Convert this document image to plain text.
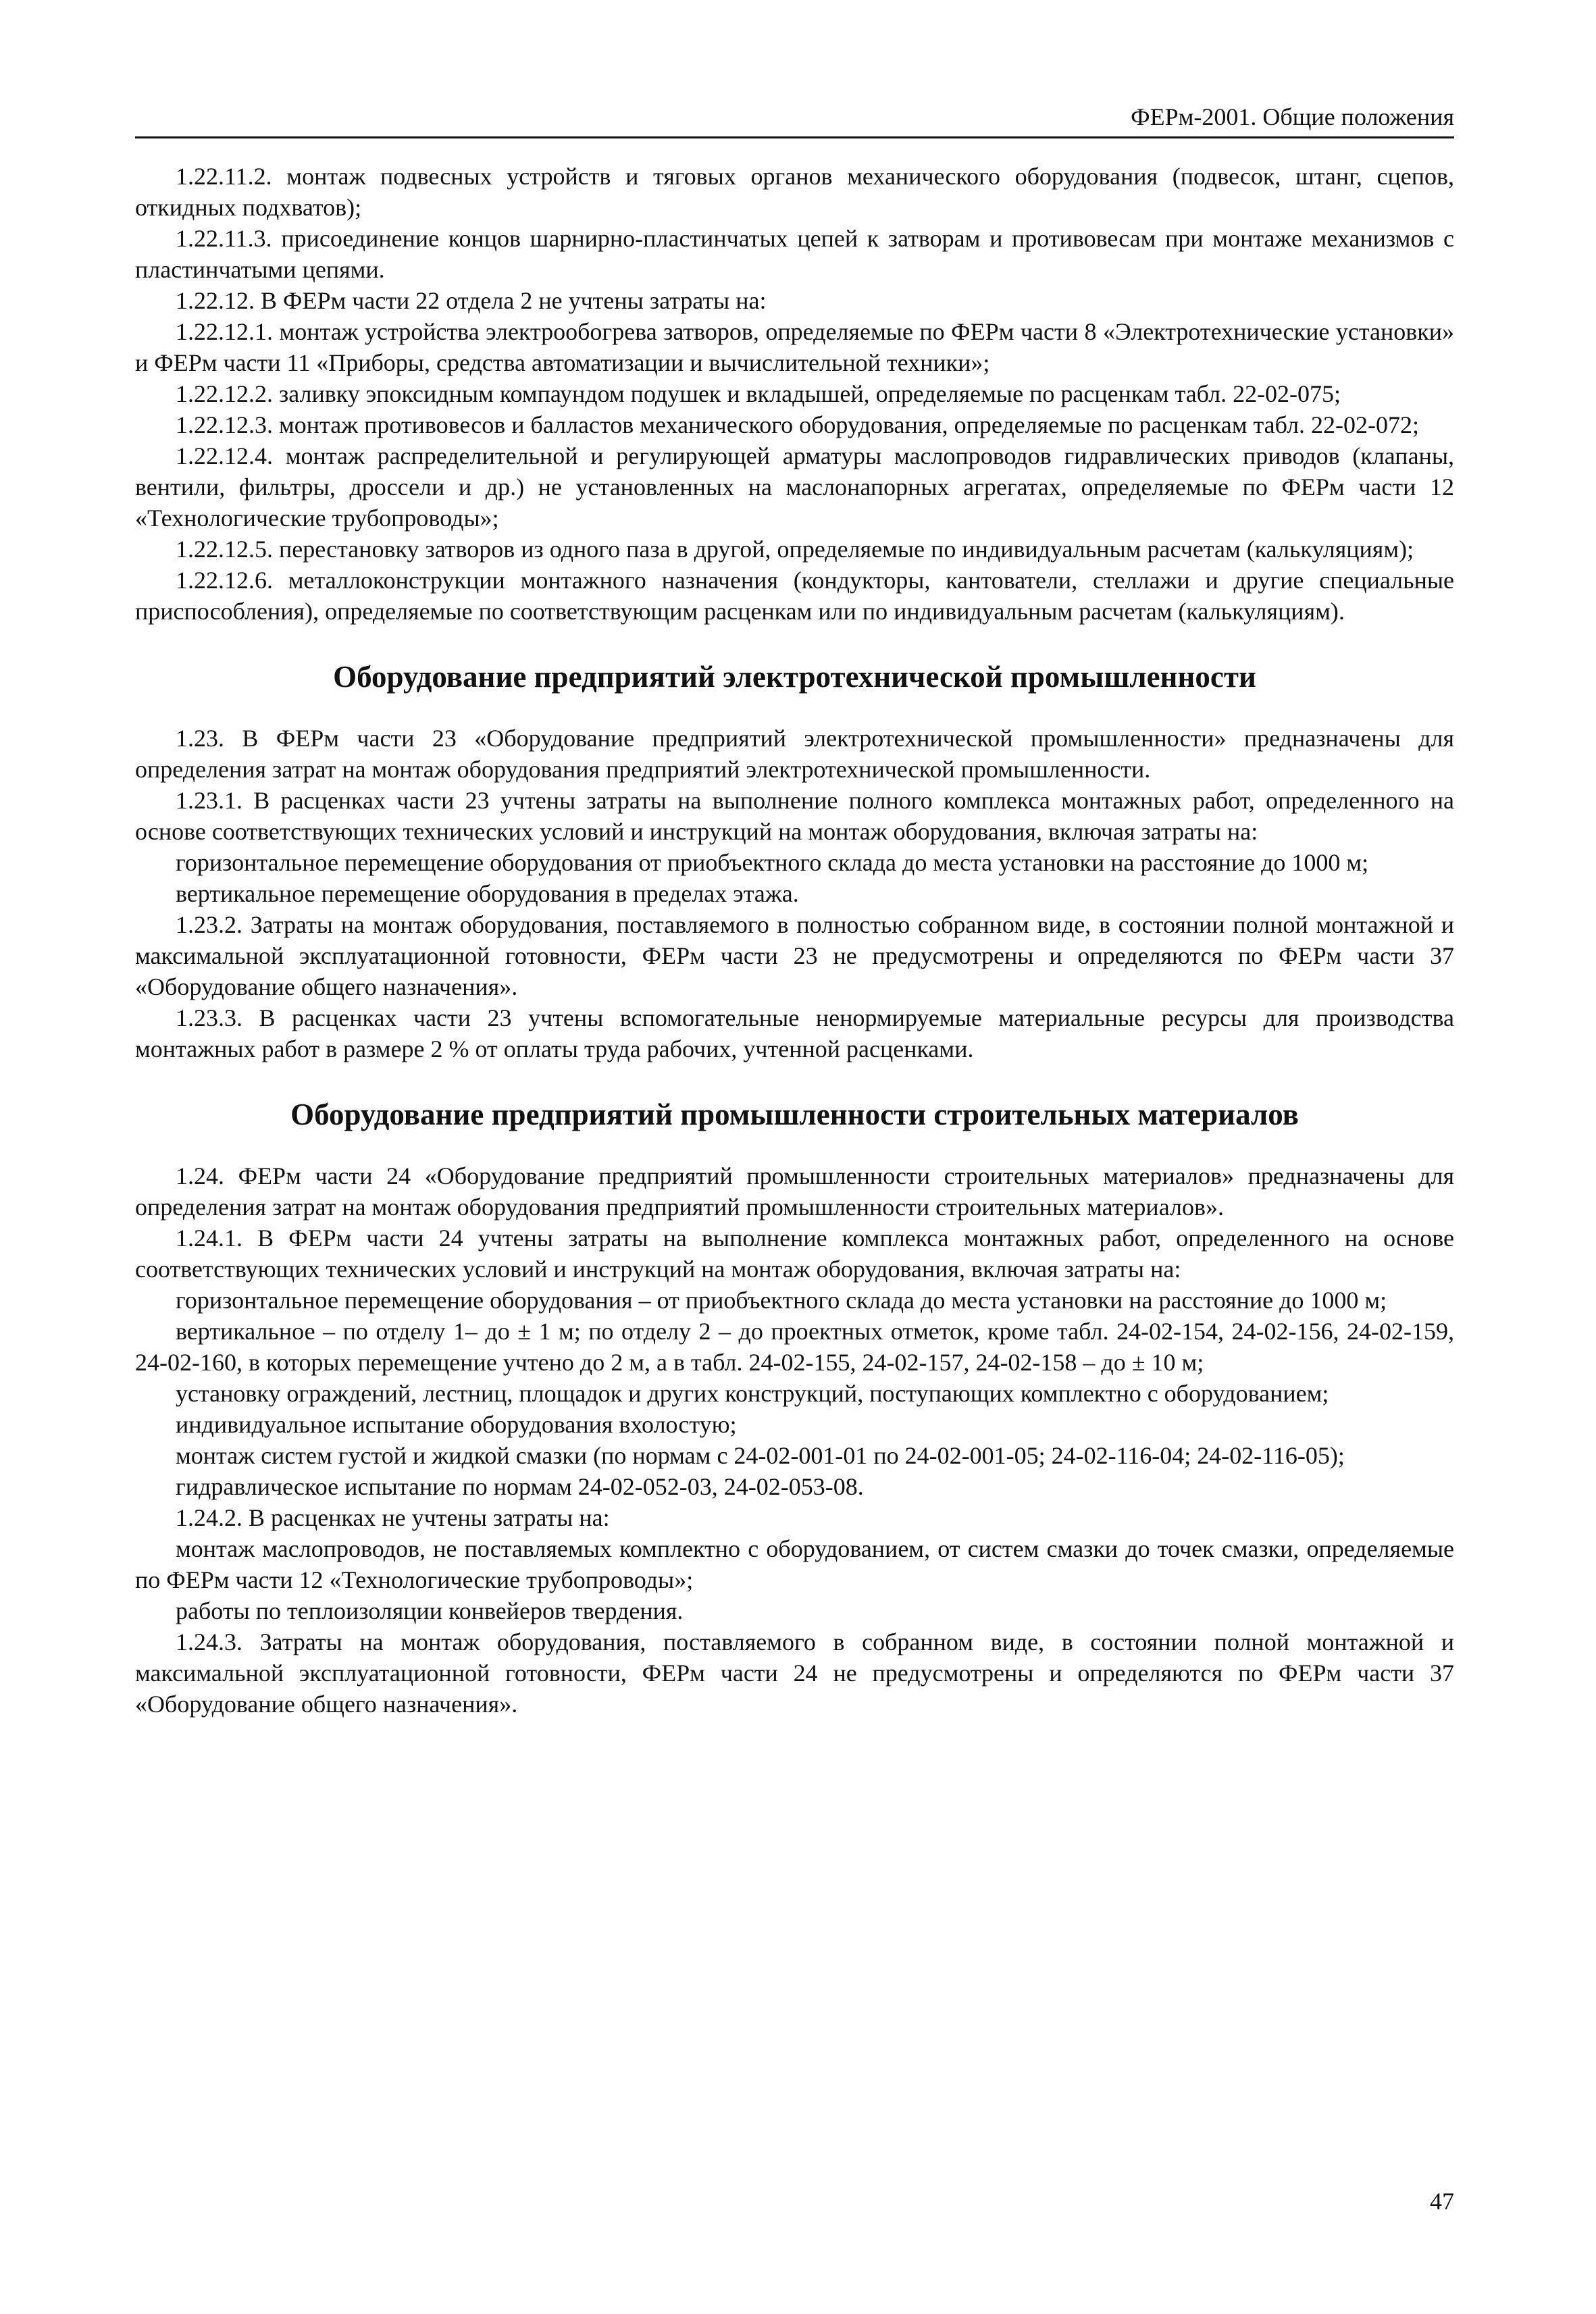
ФЕРм-2001. Общие положения

1.22.11.2. монтаж подвесных устройств и тяговых органов механического оборудования (подвесок, штанг, сцепов, откидных подхватов);

1.22.11.3. присоединение концов шарнирно-пластинчатых цепей к затворам и противовесам при монтаже механизмов с пластинчатыми цепями.

1.22.12. В ФЕРм части 22 отдела 2 не учтены затраты на:

1.22.12.1. монтаж устройства электрообогрева затворов, определяемые по ФЕРм части 8 «Электротехнические установки» и ФЕРм части 11 «Приборы, средства автоматизации и вычислительной техники»;

1.22.12.2. заливку эпоксидным компаундом подушек и вкладышей, определяемые по расценкам табл. 22-02-075;

1.22.12.3. монтаж противовесов и балластов механического оборудования, определяемые по расценкам табл. 22-02-072;

1.22.12.4. монтаж распределительной и регулирующей арматуры маслопроводов гидравлических приводов (клапаны, вентили, фильтры, дроссели и др.) не установленных на маслонапорных агрегатах, определяемые по ФЕРм части 12 «Технологические трубопроводы»;

1.22.12.5. перестановку затворов из одного паза в другой, определяемые по индивидуальным расчетам (калькуляциям);

1.22.12.6. металлоконструкции монтажного назначения (кондукторы, кантователи, стеллажи и другие специальные приспособления), определяемые по соответствующим расценкам или по индивидуальным расчетам (калькуляциям).

Оборудование предприятий электротехнической промышленности

1.23. В ФЕРм части 23 «Оборудование предприятий электротехнической промышленности» предназначены для определения затрат на монтаж оборудования предприятий электротехнической промышленности.

1.23.1. В расценках части 23 учтены затраты на выполнение полного комплекса монтажных работ, определенного на основе соответствующих технических условий и инструкций на монтаж оборудования, включая затраты на:

горизонтальное перемещение оборудования от приобъектного склада до места установки на расстояние до 1000 м;

вертикальное перемещение оборудования в пределах этажа.

1.23.2. Затраты на монтаж оборудования, поставляемого в полностью собранном виде, в состоянии полной монтажной и максимальной эксплуатационной готовности, ФЕРм части 23 не предусмотрены и определяются по ФЕРм части 37 «Оборудование общего назначения».

1.23.3. В расценках части 23 учтены вспомогательные ненормируемые материальные ресурсы для производства монтажных работ в размере 2 % от оплаты труда рабочих, учтенной расценками.

Оборудование предприятий промышленности строительных материалов

1.24. ФЕРм части 24 «Оборудование предприятий промышленности строительных материалов» предназначены для определения затрат на монтаж оборудования предприятий промышленности строительных материалов».

1.24.1. В ФЕРм части 24 учтены затраты на выполнение комплекса монтажных работ, определенного на основе соответствующих технических условий и инструкций на монтаж оборудования, включая затраты на:

горизонтальное перемещение оборудования – от приобъектного склада до места установки на расстояние до 1000 м;

вертикальное – по отделу 1– до ± 1 м; по отделу 2 – до проектных отметок, кроме табл. 24-02-154, 24-02-156, 24-02-159, 24-02-160, в которых перемещение учтено до 2 м, а в табл. 24-02-155, 24-02-157, 24-02-158 – до ± 10 м;

установку ограждений, лестниц, площадок и других конструкций, поступающих комплектно с оборудованием;

индивидуальное испытание оборудования вхолостую;

монтаж систем густой и жидкой смазки (по нормам с 24-02-001-01 по 24-02-001-05; 24-02-116-04; 24-02-116-05);

гидравлическое испытание по нормам 24-02-052-03, 24-02-053-08.

1.24.2. В расценках не учтены затраты на:

монтаж маслопроводов, не поставляемых комплектно с оборудованием, от систем смазки до точек смазки, определяемые по ФЕРм части 12 «Технологические трубопроводы»;

работы по теплоизоляции конвейеров твердения.

1.24.3. Затраты на монтаж оборудования, поставляемого в собранном виде, в состоянии полной монтажной и максимальной эксплуатационной готовности, ФЕРм части 24 не предусмотрены и определяются по ФЕРм части 37 «Оборудование общего назначения».

47
